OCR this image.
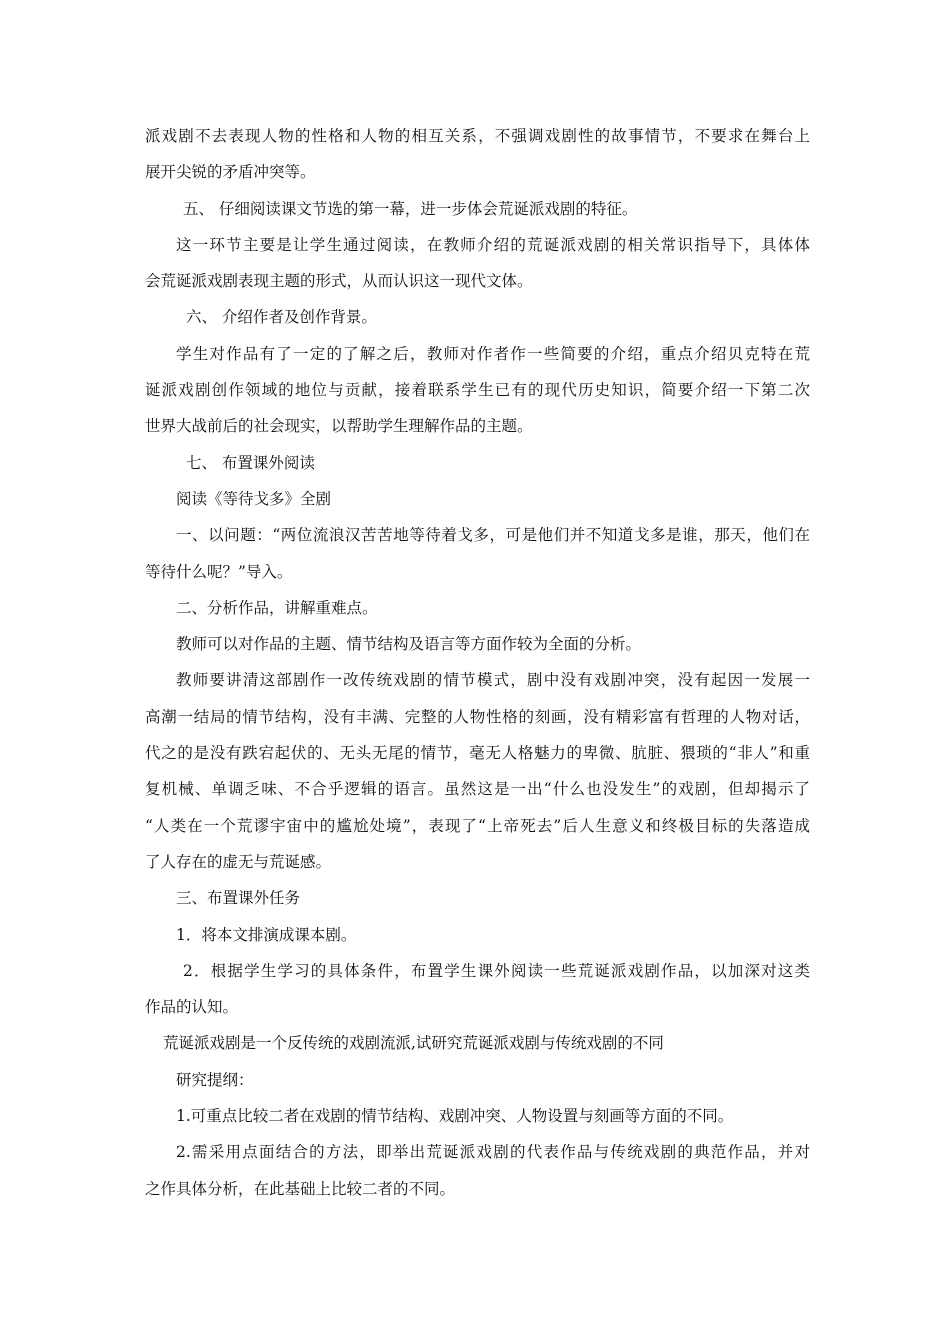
派戏剧不去表现人物的性格和人物的相互关系，不强调戏剧性的故事情节，不要求在舞台上
展开尖锐的矛盾冲突等。
五、 仔细阅读课文节选的第一幕，进一步体会荒诞派戏剧的特征。
这一环节主要是让学生通过阅读，在教师介绍的荒诞派戏剧的相关常识指导下，具体体
会荒诞派戏剧表现主题的形式，从而认识这一现代文体。
六、 介绍作者及创作背景。
学生对作品有了一定的了解之后，教师对作者作一些简要的介绍，重点介绍贝克特在荒
诞派戏剧创作领域的地位与贡献，接着联系学生已有的现代历史知识，简要介绍一下第二次
世界大战前后的社会现实，以帮助学生理解作品的主题。
七、 布置课外阅读
阅读《等待戈多》全剧
一、以问题：“两位流浪汉苦苦地等待着戈多，可是他们并不知道戈多是谁，那天，他们在
等待什么呢？”导入。
二、分析作品，讲解重难点。
教师可以对作品的主题、情节结构及语言等方面作较为全面的分析。
教师要讲清这部剧作一改传统戏剧的情节模式，剧中没有戏剧冲突，没有起因一发展一
高潮一结局的情节结构，没有丰满、完整的人物性格的刻画，没有精彩富有哲理的人物对话，
代之的是没有跌宕起伏的、无头无尾的情节，毫无人格魅力的卑微、肮脏、猥琐的“非人”和重
复机械、单调乏味、不合乎逻辑的语言。虽然这是一出“什么也没发生”的戏剧，但却揭示了
“人类在一个荒谬宇宙中的尴尬处境”，表现了“上帝死去”后人生意义和终极目标的失落造成
了人存在的虚无与荒诞感。
三、布置课外任务
1．将本文排演成课本剧。
2．根据学生学习的具体条件，布置学生课外阅读一些荒诞派戏剧作品，以加深对这类
作品的认知。
荒诞派戏剧是一个反传统的戏剧流派,试研究荒诞派戏剧与传统戏剧的不同
研究提纲：
1.可重点比较二者在戏剧的情节结构、戏剧冲突、人物设置与刻画等方面的不同。
2.需采用点面结合的方法，即举出荒诞派戏剧的代表作品与传统戏剧的典范作品，并对
之作具体分析，在此基础上比较二者的不同。
